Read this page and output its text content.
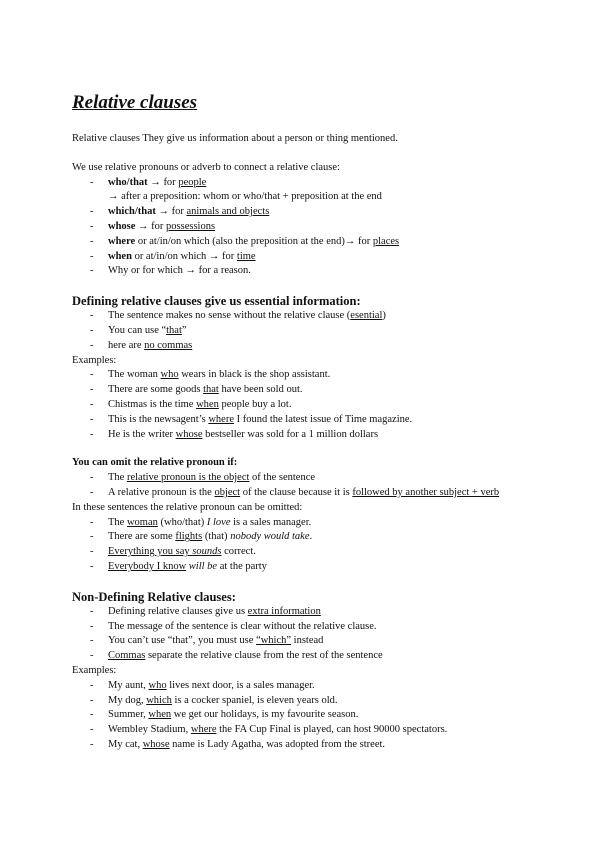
Relative clauses

Relative clauses They give us information about a person or thing mentioned.

We use relative pronouns or adverb to connect a relative clause:

- who/that → for people
→ after a preposition: whom or who/that + preposition at the end
- which/that → for animals and objects
- whose → for possessions
- where or at/in/on which (also the preposition at the end)→ for places
- when or at/in/on which → for time
- Why or for which → for a reason.
Defining relative clauses give us essential information:
- The sentence makes no sense without the relative clause (esential)
- You can use “that”
- here are no commas

Examples:

- The woman who wears in black is the shop assistant.
- There are some goods that have been sold out.
- Chistmas is the time when people buy a lot.
- This is the newsagent’s where I found the latest issue of Time magazine.
- He is the writer whose bestseller was sold for a 1 million dollars
You can omit the relative pronoun if:
- The relative pronoun is the object of the sentence
- A relative pronoun is the object of the clause because it is followed by another subject + verb

In these sentences the relative pronoun can be omitted:

- The woman (who/that) I love is a sales manager.
- There are some flights (that) nobody would take.
- Everything you say sounds correct.
- Everybody I know will be at the party
Non-Defining Relative clauses:
- Defining relative clauses give us extra information
- The message of the sentence is clear without the relative clause.
- You can’t use “that”, you must use “which” instead
- Commas separate the relative clause from the rest of the sentence

Examples:

- My aunt, who lives next door, is a sales manager.
- My dog, which is a cocker spaniel, is eleven years old.
- Summer, when we get our holidays, is my favourite season.
- Wembley Stadium, where the FA Cup Final is played, can host 90000 spectators.
- My cat, whose name is Lady Agatha, was adopted from the street.
